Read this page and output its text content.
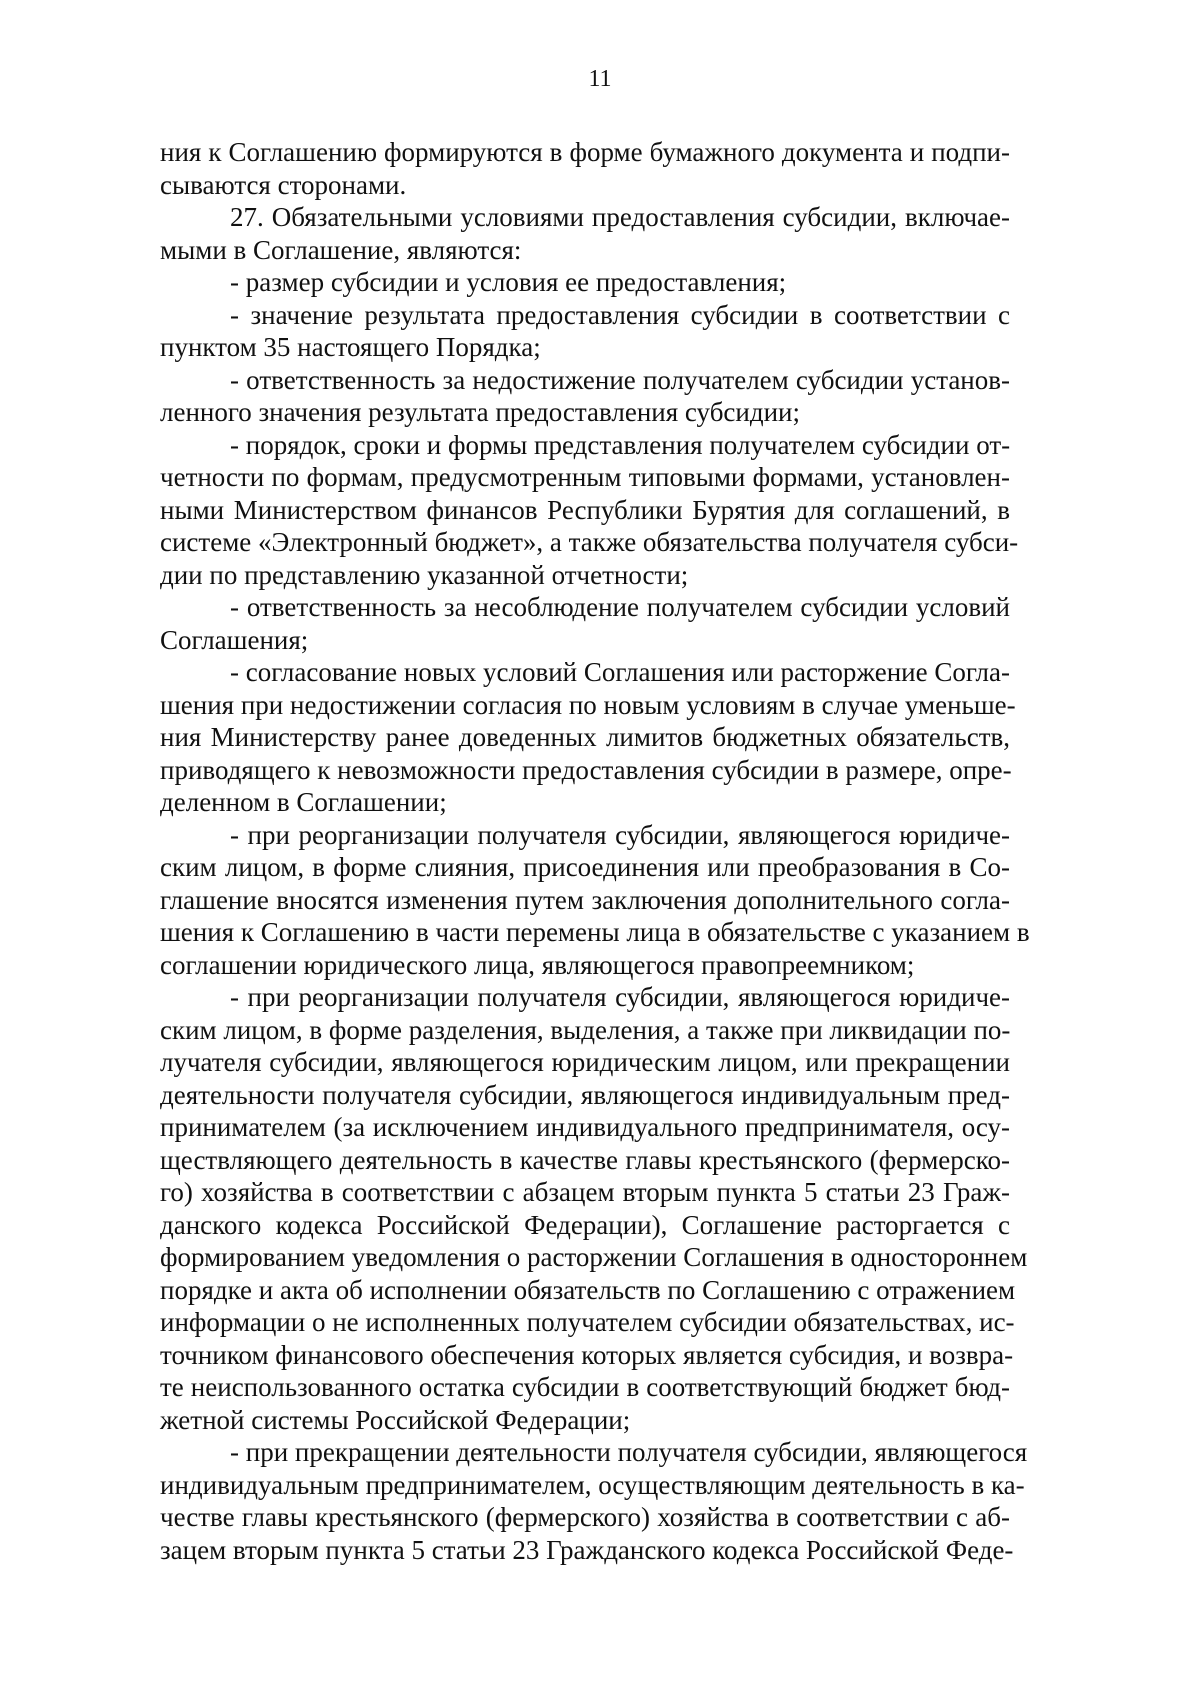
11
ния к Соглашению формируются в форме бумажного документа и подпи-
сываются сторонами.
27. Обязательными условиями предоставления субсидии, включае-
мыми в Соглашение, являются:
- размер субсидии и условия ее предоставления;
- значение результата предоставления субсидии в соответствии с
пунктом 35 настоящего Порядка;
- ответственность за недостижение получателем субсидии установ-
ленного значения результата предоставления субсидии;
- порядок, сроки и формы представления получателем субсидии от-
четности по формам, предусмотренным типовыми формами, установлен-
ными Министерством финансов Республики Бурятия для соглашений, в
системе «Электронный бюджет», а также обязательства получателя субси-
дии по представлению указанной отчетности;
- ответственность за несоблюдение получателем субсидии условий
Соглашения;
- согласование новых условий Соглашения или расторжение Согла-
шения при недостижении согласия по новым условиям в случае уменьше-
ния Министерству ранее доведенных лимитов бюджетных обязательств,
приводящего к невозможности предоставления субсидии в размере, опре-
деленном в Соглашении;
- при реорганизации получателя субсидии, являющегося юридиче-
ским лицом, в форме слияния, присоединения или преобразования в Со-
глашение вносятся изменения путем заключения дополнительного согла-
шения к Соглашению в части перемены лица в обязательстве с указанием в
соглашении юридического лица, являющегося правопреемником;
- при реорганизации получателя субсидии, являющегося юридиче-
ским лицом, в форме разделения, выделения, а также при ликвидации по-
лучателя субсидии, являющегося юридическим лицом, или прекращении
деятельности получателя субсидии, являющегося индивидуальным пред-
принимателем (за исключением индивидуального предпринимателя, осу-
ществляющего деятельность в качестве главы крестьянского (фермерско-
го) хозяйства в соответствии с абзацем вторым пункта 5 статьи 23 Граж-
данского кодекса Российской Федерации), Соглашение расторгается с
формированием уведомления о расторжении Соглашения в одностороннем
порядке и акта об исполнении обязательств по Соглашению с отражением
информации о не исполненных получателем субсидии обязательствах, ис-
точником финансового обеспечения которых является субсидия, и возвра-
те неиспользованного остатка субсидии в соответствующий бюджет бюд-
жетной системы Российской Федерации;
- при прекращении деятельности получателя субсидии, являющегося
индивидуальным предпринимателем, осуществляющим деятельность в ка-
честве главы крестьянского (фермерского) хозяйства в соответствии с аб-
зацем вторым пункта 5 статьи 23 Гражданского кодекса Российской Феде-
